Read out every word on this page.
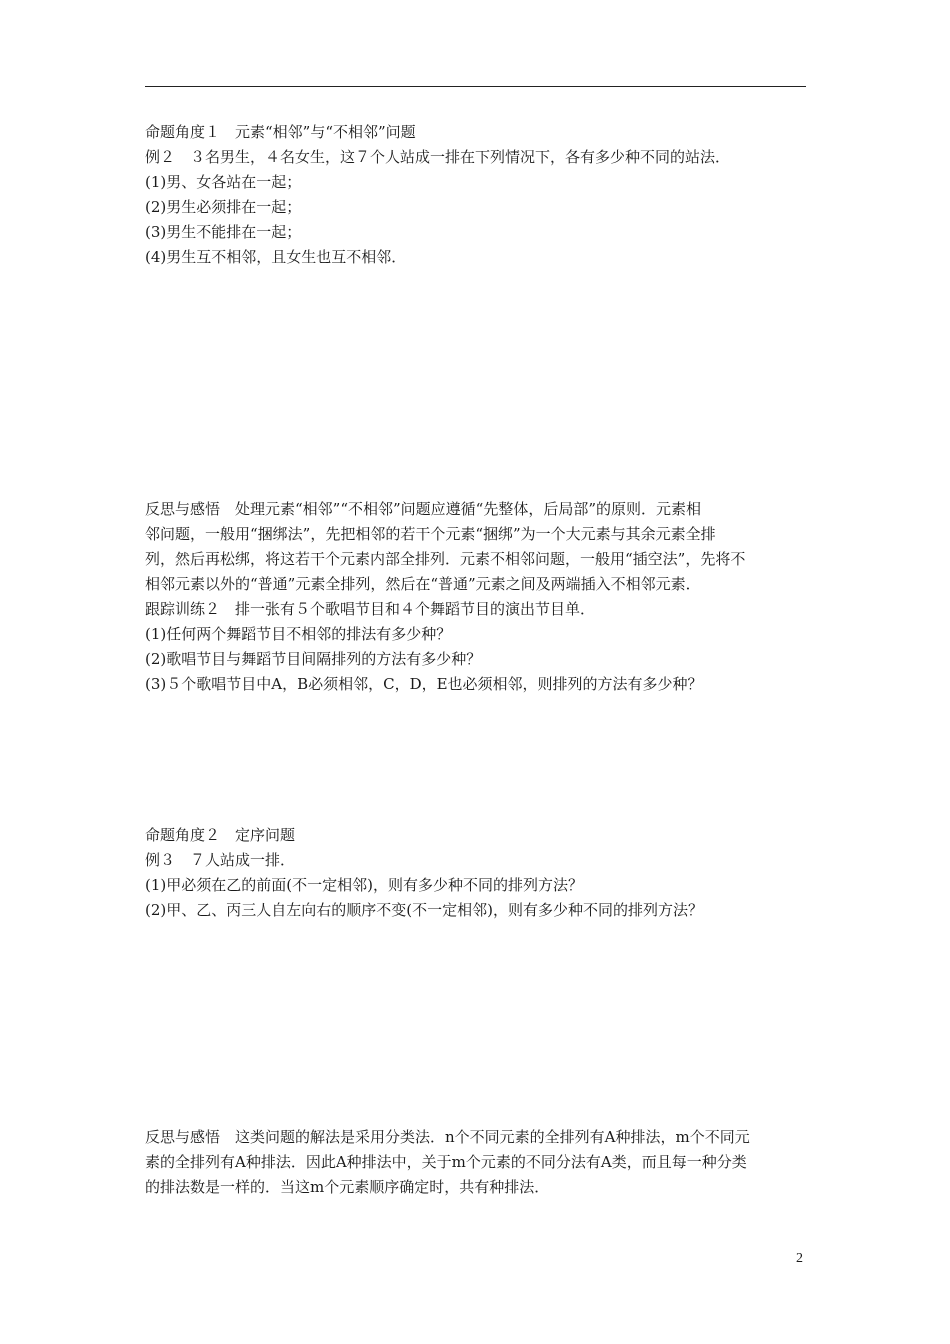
命题角度１　元素“相邻”与“不相邻”问题

例２　３名男生，４名女生，这７个人站成一排在下列情况下，各有多少种不同的站法．

(1)男、女各站在一起；

(2)男生必须排在一起；

(3)男生不能排在一起；

(4)男生互不相邻，且女生也互不相邻．

反思与感悟　处理元素“相邻”“不相邻”问题应遵循“先整体，后局部”的原则．元素相

邻问题，一般用“捆绑法”，先把相邻的若干个元素“捆绑”为一个大元素与其余元素全排

列，然后再松绑，将这若干个元素内部全排列．元素不相邻问题，一般用“插空法”，先将不

相邻元素以外的“普通”元素全排列，然后在“普通”元素之间及两端插入不相邻元素．

跟踪训练２　排一张有５个歌唱节目和４个舞蹈节目的演出节目单．

(1)任何两个舞蹈节目不相邻的排法有多少种？

(2)歌唱节目与舞蹈节目间隔排列的方法有多少种？

(3)５个歌唱节目中A，B必须相邻，C，D，E也必须相邻，则排列的方法有多少种？

命题角度２　定序问题

例３　７人站成一排．

(1)甲必须在乙的前面(不一定相邻)，则有多少种不同的排列方法？

(2)甲、乙、丙三人自左向右的顺序不变(不一定相邻)，则有多少种不同的排列方法？

反思与感悟　这类问题的解法是采用分类法．n个不同元素的全排列有A种排法，m个不同元

素的全排列有A种排法．因此A种排法中，关于m个元素的不同分法有A类，而且每一种分类

的排法数是一样的．当这m个元素顺序确定时，共有种排法．

2
